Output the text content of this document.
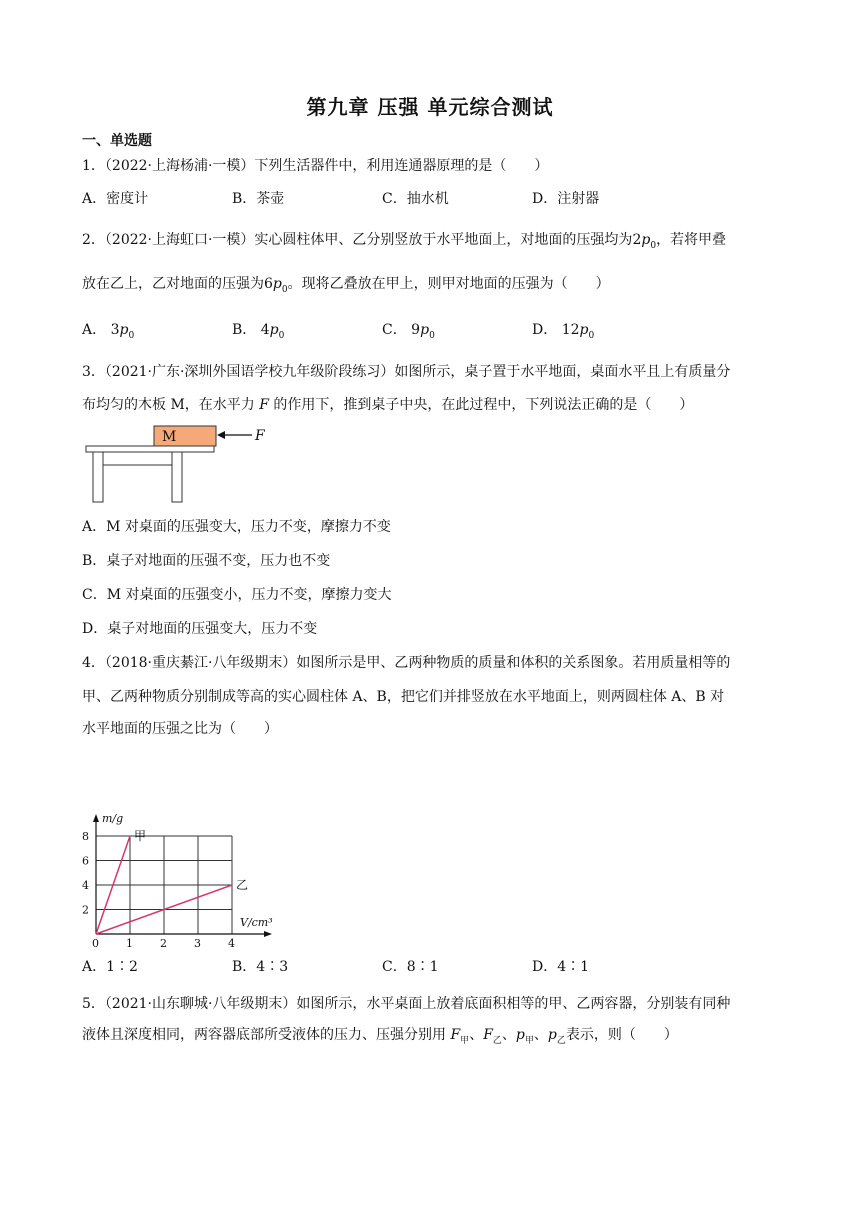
第九章 压强 单元综合测试
一、单选题
1．（2022·上海杨浦·一模）下列生活器件中，利用连通器原理的是（　　）
A．密度计	B．茶壶	C．抽水机	D．注射器
2．（2022·上海虹口·一模）实心圆柱体甲、乙分别竖放于水平地面上，对地面的压强均为$2p_0$，若将甲叠
放在乙上，乙对地面的压强为$6p_0$。现将乙叠放在甲上，则甲对地面的压强为（　　）
A． $3p_0$	B． $4p_0$	C． $9p_0$	D． $12p_0$
3．（2021·广东·深圳外国语学校九年级阶段练习）如图所示，桌子置于水平地面，桌面水平且上有质量分
布均匀的木板 M，在水平力 F 的作用下，推到桌子中央，在此过程中，下列说法正确的是（　　）
M	F
A．M 对桌面的压强变大，压力不变，摩擦力不变
B．桌子对地面的压强不变，压力也不变
C．M 对桌面的压强变小，压力不变，摩擦力变大
D．桌子对地面的压强变大，压力不变
4．（2018·重庆綦江·八年级期末）如图所示是甲、乙两种物质的质量和体积的关系图象。若用质量相等的
甲、乙两种物质分别制成等高的实心圆柱体 A、B，把它们并排竖放在水平地面上，则两圆柱体 A、B 对
水平地面的压强之比为（　　）
甲
乙
0 1 2 3 4
2
4
6
8
V/cm³
m/g
A．1∶2	B．4∶3	C．8∶1	D．4∶1
5．（2021·山东聊城·八年级期末）如图所示，水平桌面上放着底面积相等的甲、乙两容器，分别装有同种
液体且深度相同，两容器底部所受液体的压力、压强分别用 $F_甲$、$F_乙$、$p_甲$、$p_乙$表示，则（　　）
